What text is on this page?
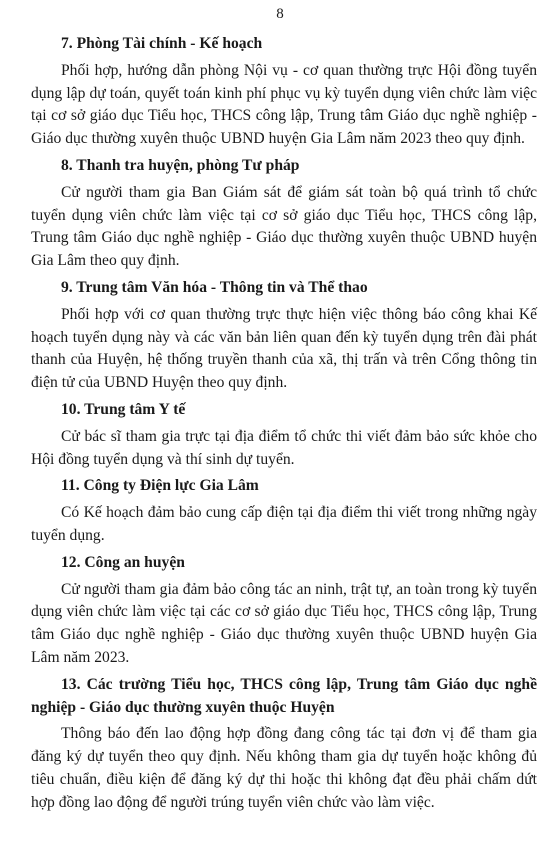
8

7. Phòng Tài chính - Kế hoạch

Phối hợp, hướng dẫn phòng Nội vụ - cơ quan thường trực Hội đồng tuyển dụng lập dự toán, quyết toán kinh phí phục vụ kỳ tuyển dụng viên chức làm việc tại cơ sở giáo dục Tiểu học, THCS công lập, Trung tâm Giáo dục nghề nghiệp - Giáo dục thường xuyên thuộc UBND huyện Gia Lâm năm 2023 theo quy định.

8. Thanh tra huyện, phòng Tư pháp

Cử người tham gia Ban Giám sát để giám sát toàn bộ quá trình tổ chức tuyển dụng viên chức làm việc tại cơ sở giáo dục Tiểu học, THCS công lập, Trung tâm Giáo dục nghề nghiệp - Giáo dục thường xuyên thuộc UBND huyện Gia Lâm theo quy định.

9. Trung tâm Văn hóa - Thông tin và Thể thao

Phối hợp với cơ quan thường trực thực hiện việc thông báo công khai Kế hoạch tuyển dụng này và các văn bản liên quan đến kỳ tuyển dụng trên đài phát thanh của Huyện, hệ thống truyền thanh của xã, thị trấn và trên Cổng thông tin điện tử của UBND Huyện theo quy định.

10. Trung tâm Y tế

Cử bác sĩ tham gia trực tại địa điểm tổ chức thi viết đảm bảo sức khỏe cho Hội đồng tuyển dụng và thí sinh dự tuyển.

11. Công ty Điện lực Gia Lâm

Có Kế hoạch đảm bảo cung cấp điện tại địa điểm thi viết trong những ngày tuyển dụng.

12. Công an huyện

Cử người tham gia đảm bảo công tác an ninh, trật tự, an toàn trong kỳ tuyển dụng viên chức làm việc tại các cơ sở giáo dục Tiểu học, THCS công lập, Trung tâm Giáo dục nghề nghiệp - Giáo dục thường xuyên thuộc UBND huyện Gia Lâm năm 2023.

13. Các trường Tiểu học, THCS công lập, Trung tâm Giáo dục nghề nghiệp - Giáo dục thường xuyên thuộc Huyện

Thông báo đến lao động hợp đồng đang công tác tại đơn vị để tham gia đăng ký dự tuyển theo quy định. Nếu không tham gia dự tuyển hoặc không đủ tiêu chuẩn, điều kiện để đăng ký dự thi hoặc thi không đạt đều phải chấm dứt hợp đồng lao động để người trúng tuyển viên chức vào làm việc.
